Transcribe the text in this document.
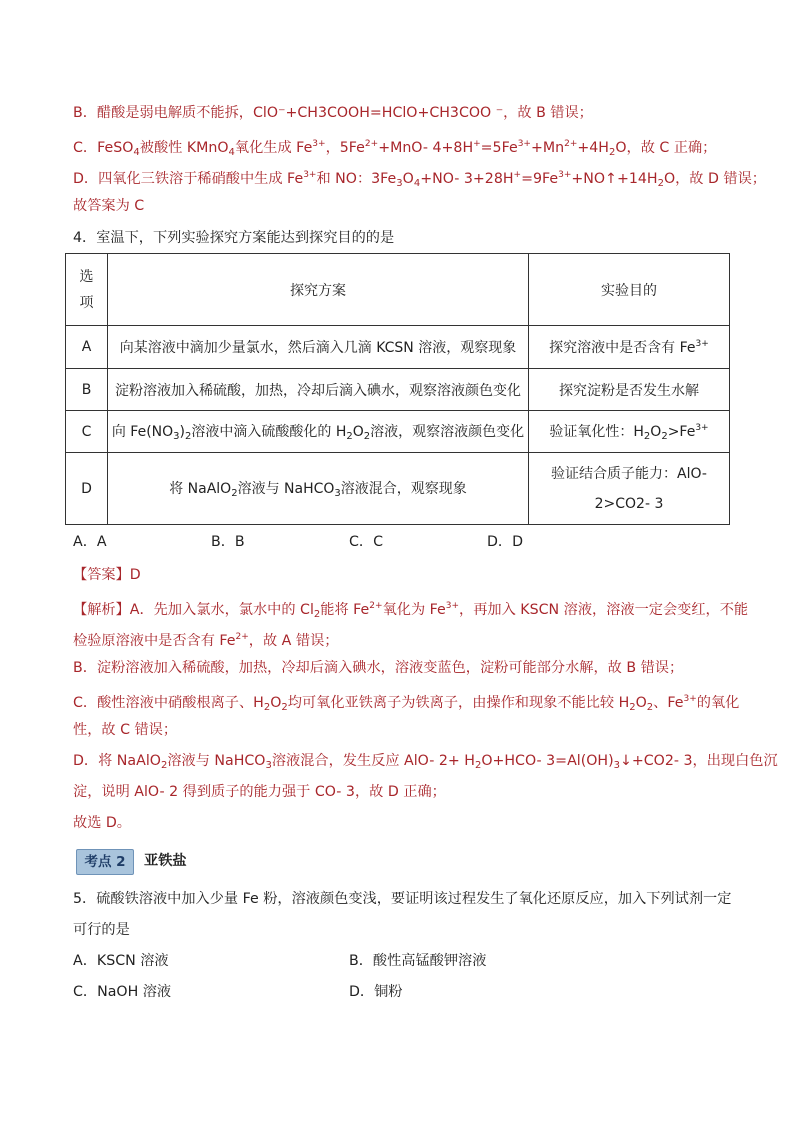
B．醋酸是弱电解质不能拆，ClO⁻+CH3COOH=HClO+CH3COO ⁻，故 B 错误；
C．FeSO$_4$被酸性 KMnO$_4$氧化生成 $Fe^{3+}$，$5Fe^{2+}+MnO-$ $4+8H^+=5Fe^{3+}+Mn^{2+}+4H_2O$，故 C 正确；
D．四氧化三铁溶于稀硝酸中生成 $Fe^{3+}$和 NO：$3Fe_3O_4+NO-$ $3+28H^+=9Fe^{3+}+NO↑+14H_2O$，故 D 错误；
故答案为 C
4．室温下，下列实验探究方案能达到探究目的的是
选
项	探究方案	实验目的
A	向某溶液中滴加少量氯水，然后滴入几滴 KCSN 溶液，观察现象	探究溶液中是否含有 $Fe^{3+}$
B	淀粉溶液加入稀硫酸，加热，冷却后滴入碘水，观察溶液颜色变化	探究淀粉是否发生水解
C	向 $Fe(NO_3)_2$溶液中滴入硫酸酸化的 $H_2O_2$溶液，观察溶液颜色变化	验证氧化性：$H_2O_2>Fe^{3+}$
D	将 NaAlO$_2$溶液与 NaHCO$_3$溶液混合，观察现象	验证结合质子能力：AlO-
2>CO2- 3
A．A	B．B	C．C	D．D
【答案】D
【解析】A．先加入氯水，氯水中的 $Cl_2$能将 $Fe^{2+}$氧化为 $Fe^{3+}$，再加入 KSCN 溶液，溶液一定会变红，不能
检验原溶液中是否含有 $Fe^{2+}$，故 A 错误；
B．淀粉溶液加入稀硫酸，加热，冷却后滴入碘水，溶液变蓝色，淀粉可能部分水解，故 B 错误；
C．酸性溶液中硝酸根离子、$H_2O_2$均可氧化亚铁离子为铁离子，由操作和现象不能比较 $H_2O_2$、$Fe^{3+}$的氧化
性，故 C 错误；
D．将 NaAlO$_2$溶液与 NaHCO$_3$溶液混合，发生反应 AlO- $2+ H_2O+HCO-$ $3=Al(OH)_3↓+CO2-$ 3，出现白色沉
淀，说明 AlO- 2 得到质子的能力强于 CO- 3，故 D 正确；
故选 D。
考点 2	亚铁盐
5．硫酸铁溶液中加入少量 Fe 粉，溶液颜色变浅，要证明该过程发生了氧化还原反应，加入下列试剂一定
可行的是
A．KSCN 溶液	B．酸性高锰酸钾溶液
C．NaOH 溶液	D．铜粉
